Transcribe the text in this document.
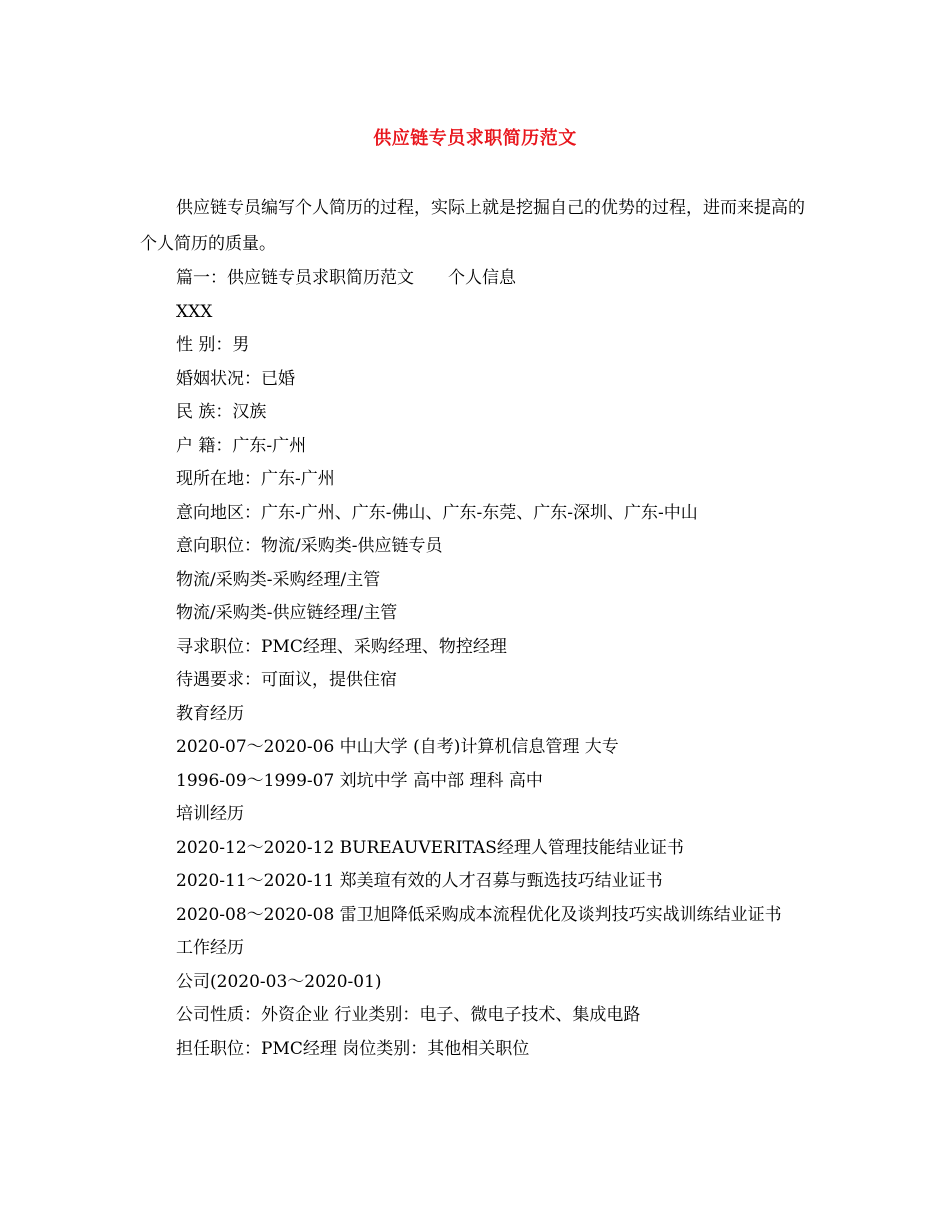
供应链专员求职简历范文

供应链专员编写个人简历的过程，实际上就是挖掘自己的优势的过程，进而来提高的个人简历的质量。

篇一：供应链专员求职简历范文　　个人信息

XXX

性 别：男

婚姻状况：已婚

民 族：汉族

户 籍：广东-广州

现所在地：广东-广州

意向地区：广东-广州、广东-佛山、广东-东莞、广东-深圳、广东-中山

意向职位：物流/采购类-供应链专员

物流/采购类-采购经理/主管

物流/采购类-供应链经理/主管

寻求职位：PMC经理、采购经理、物控经理

待遇要求：可面议，提供住宿

教育经历

2020-07～2020-06 中山大学 (自考)计算机信息管理 大专

1996-09～1999-07 刘坑中学 高中部 理科 高中

培训经历

2020-12～2020-12 BUREAUVERITAS经理人管理技能结业证书

2020-11～2020-11 郑美瑄有效的人才召募与甄选技巧结业证书

2020-08～2020-08 雷卫旭降低采购成本流程优化及谈判技巧实战训练结业证书

工作经历

公司(2020-03～2020-01)

公司性质：外资企业 行业类别：电子、微电子技术、集成电路

担任职位：PMC经理 岗位类别：其他相关职位
